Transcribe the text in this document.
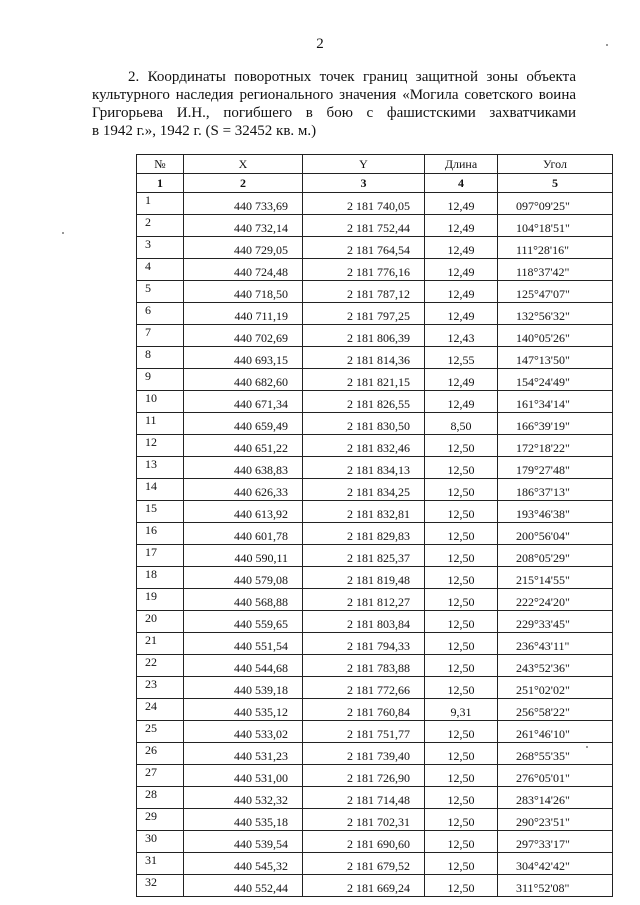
2
2. Координаты поворотных точек границ защитной зоны объекта
культурного наследия регионального значения «Могила советского воина
Григорьева И.Н., погибшего в бою с фашистскими захватчиками
в 1942 г.», 1942 г. (S = 32452 кв. м.)
№	X	Y	Длина	Угол
1	2	3	4	5
1	440 733,69	2 181 740,05	12,49	097°09'25"
2	440 732,14	2 181 752,44	12,49	104°18'51"
3	440 729,05	2 181 764,54	12,49	111°28'16"
4	440 724,48	2 181 776,16	12,49	118°37'42"
5	440 718,50	2 181 787,12	12,49	125°47'07"
6	440 711,19	2 181 797,25	12,49	132°56'32"
7	440 702,69	2 181 806,39	12,43	140°05'26"
8	440 693,15	2 181 814,36	12,55	147°13'50"
9	440 682,60	2 181 821,15	12,49	154°24'49"
10	440 671,34	2 181 826,55	12,49	161°34'14"
11	440 659,49	2 181 830,50	8,50	166°39'19"
12	440 651,22	2 181 832,46	12,50	172°18'22"
13	440 638,83	2 181 834,13	12,50	179°27'48"
14	440 626,33	2 181 834,25	12,50	186°37'13"
15	440 613,92	2 181 832,81	12,50	193°46'38"
16	440 601,78	2 181 829,83	12,50	200°56'04"
17	440 590,11	2 181 825,37	12,50	208°05'29"
18	440 579,08	2 181 819,48	12,50	215°14'55"
19	440 568,88	2 181 812,27	12,50	222°24'20"
20	440 559,65	2 181 803,84	12,50	229°33'45"
21	440 551,54	2 181 794,33	12,50	236°43'11"
22	440 544,68	2 181 783,88	12,50	243°52'36"
23	440 539,18	2 181 772,66	12,50	251°02'02"
24	440 535,12	2 181 760,84	9,31	256°58'22"
25	440 533,02	2 181 751,77	12,50	261°46'10"
26	440 531,23	2 181 739,40	12,50	268°55'35"
27	440 531,00	2 181 726,90	12,50	276°05'01"
28	440 532,32	2 181 714,48	12,50	283°14'26"
29	440 535,18	2 181 702,31	12,50	290°23'51"
30	440 539,54	2 181 690,60	12,50	297°33'17"
31	440 545,32	2 181 679,52	12,50	304°42'42"
32	440 552,44	2 181 669,24	12,50	311°52'08"
